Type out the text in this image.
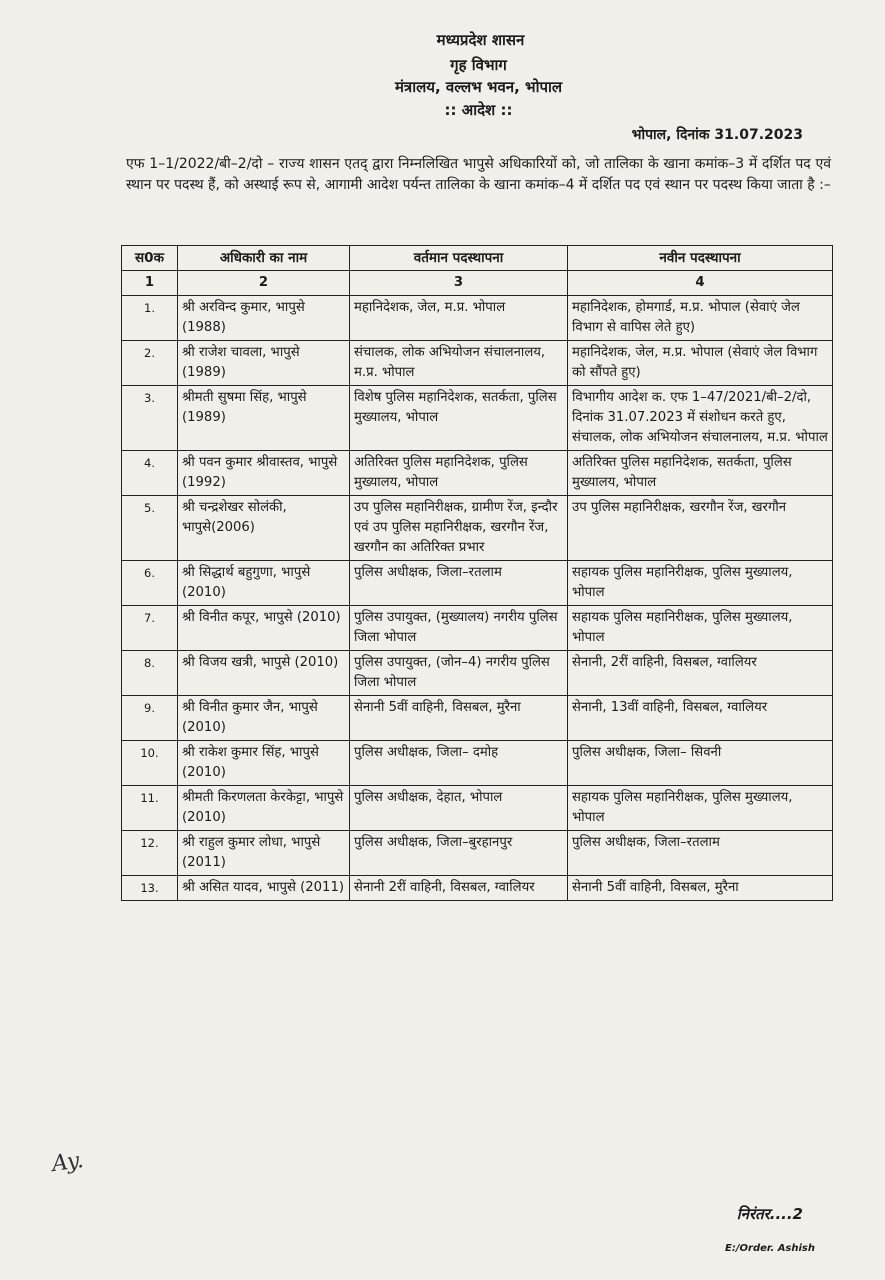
मध्यप्रदेश शासन
गृह विभाग
मंत्रालय, वल्लभ भवन, भोपाल
:: आदेश ::
भोपाल, दिनांक 31.07.2023
एफ 1–1/2022/बी–2/दो – राज्य शासन एतद् द्वारा निम्नलिखित भापुसे अधिकारियों को, जो तालिका के खाना कमांक–3 में दर्शित पद एवं स्थान पर पदस्थ हैं, को अस्थाई रूप से, आगामी आदेश पर्यन्त तालिका के खाना कमांक–4 में दर्शित पद एवं स्थान पर पदस्थ किया जाता है :–
स0क	अधिकारी का नाम	वर्तमान पदस्थापना	नवीन पदस्थापना
1	2	3	4
1.	श्री अरविन्द कुमार, भापुसे (1988)	महानिदेशक, जेल, म.प्र. भोपाल	महानिदेशक, होमगार्ड, म.प्र. भोपाल (सेवाएं जेल विभाग से वापिस लेते हुए)
2.	श्री राजेश चावला, भापुसे (1989)	संचालक, लोक अभियोजन संचालनालय, म.प्र. भोपाल	महानिदेशक, जेल, म.प्र. भोपाल (सेवाएं जेल विभाग को सौंपते हुए)
3.	श्रीमती सुषमा सिंह, भापुसे (1989)	विशेष पुलिस महानिदेशक, सतर्कता, पुलिस मुख्यालय, भोपाल	विभागीय आदेश क. एफ 1–47/2021/बी–2/दो, दिनांक 31.07.2023 में संशोधन करते हुए, संचालक, लोक अभियोजन संचालनालय, म.प्र. भोपाल
4.	श्री पवन कुमार श्रीवास्तव, भापुसे (1992)	अतिरिक्त पुलिस महानिदेशक, पुलिस मुख्यालय, भोपाल	अतिरिक्त पुलिस महानिदेशक, सतर्कता, पुलिस मुख्यालय, भोपाल
5.	श्री चन्द्रशेखर सोलंकी, भापुसे(2006)	उप पुलिस महानिरीक्षक, ग्रामीण रेंज, इन्दौर एवं उप पुलिस महानिरीक्षक, खरगौन रेंज, खरगौन का अतिरिक्त प्रभार	उप पुलिस महानिरीक्षक, खरगौन रेंज, खरगौन
6.	श्री सिद्धार्थ बहुगुणा, भापुसे (2010)	पुलिस अधीक्षक, जिला–रतलाम	सहायक पुलिस महानिरीक्षक, पुलिस मुख्यालय, भोपाल
7.	श्री विनीत कपूर, भापुसे (2010)	पुलिस उपायुक्त, (मुख्यालय) नगरीय पुलिस जिला भोपाल	सहायक पुलिस महानिरीक्षक, पुलिस मुख्यालय, भोपाल
8.	श्री विजय खत्री, भापुसे (2010)	पुलिस उपायुक्त, (जोन–4) नगरीय पुलिस जिला भोपाल	सेनानी, 2रीं वाहिनी, विसबल, ग्वालियर
9.	श्री विनीत कुमार जैन, भापुसे (2010)	सेनानी 5वीं वाहिनी, विसबल, मुरैना	सेनानी, 13वीं वाहिनी, विसबल, ग्वालियर
10.	श्री राकेश कुमार सिंह, भापुसे (2010)	पुलिस अधीक्षक, जिला– दमोह	पुलिस अधीक्षक, जिला– सिवनी
11.	श्रीमती किरणलता केरकेट्टा, भापुसे (2010)	पुलिस अधीक्षक, देहात, भोपाल	सहायक पुलिस महानिरीक्षक, पुलिस मुख्यालय, भोपाल
12.	श्री राहुल कुमार लोधा, भापुसे (2011)	पुलिस अधीक्षक, जिला–बुरहानपुर	पुलिस अधीक्षक, जिला–रतलाम
13.	श्री असित यादव, भापुसे (2011)	सेनानी 2रीं वाहिनी, विसबल, ग्वालियर	सेनानी 5वीं वाहिनी, विसबल, मुरैना
Ay.
निरंतर....2
E:/Order. Ashish
